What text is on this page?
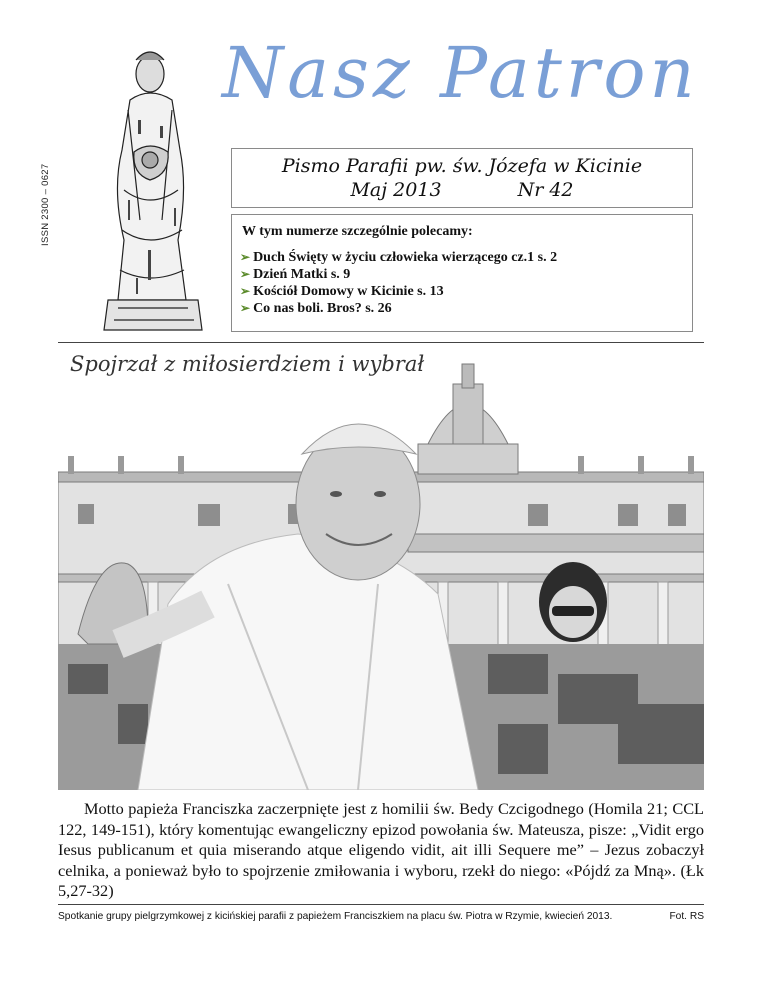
ISSN 2300 – 0627
Nasz Patron
Pismo Parafii pw. św. Józefa w Kicinie
Maj 2013	Nr 42
W tym numerze szczególnie polecamy:
➢ Duch Święty w życiu człowieka wierzącego cz.1 s. 2
➢ Dzień Matki s. 9
➢ Kościół Domowy w Kicinie s. 13
➢ Co nas boli. Bros? s. 26
Spojrzał z miłosierdziem i wybrał

Motto papieża Franciszka zaczerpnięte jest z homilii św. Bedy Czcigodnego (Homila 21; CCL 122, 149-151), który komentując ewangeliczny epizod powołania św. Mateusza, pisze: „Vidit ergo Iesus publicanum et quia miserando atque eligendo vidit, ait illi Sequere me” – Jezus zobaczył celnika, a ponieważ było to spojrzenie zmiłowania i wyboru, rzekł do niego: «Pójdź za Mną». (Łk 5,27-32)

Spotkanie grupy pielgrzymkowej z kicińskiej parafii z papieżem Franciszkiem na placu św. Piotra w Rzymie, kwiecień 2013.	Fot. RS
